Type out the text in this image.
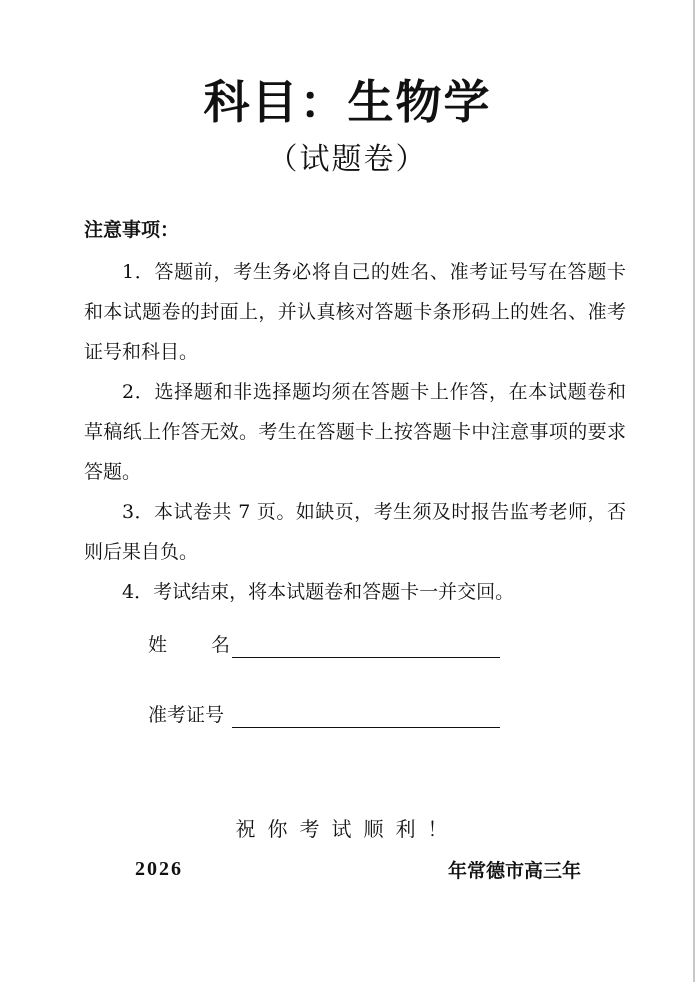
科目：生物学
（试题卷）
注意事项：

1．答题前，考生务必将自己的姓名、准考证号写在答题卡和本试题卷的封面上，并认真核对答题卡条形码上的姓名、准考证号和科目。

2．选择题和非选择题均须在答题卡上作答，在本试题卷和草稿纸上作答无效。考生在答题卡上按答题卡中注意事项的要求答题。

3．本试卷共 7 页。如缺页，考生须及时报告监考老师，否则后果自负。

4．考试结束，将本试题卷和答题卡一并交回。

姓名
准考证号
祝你考试顺利！
2026	年常德市高三年
